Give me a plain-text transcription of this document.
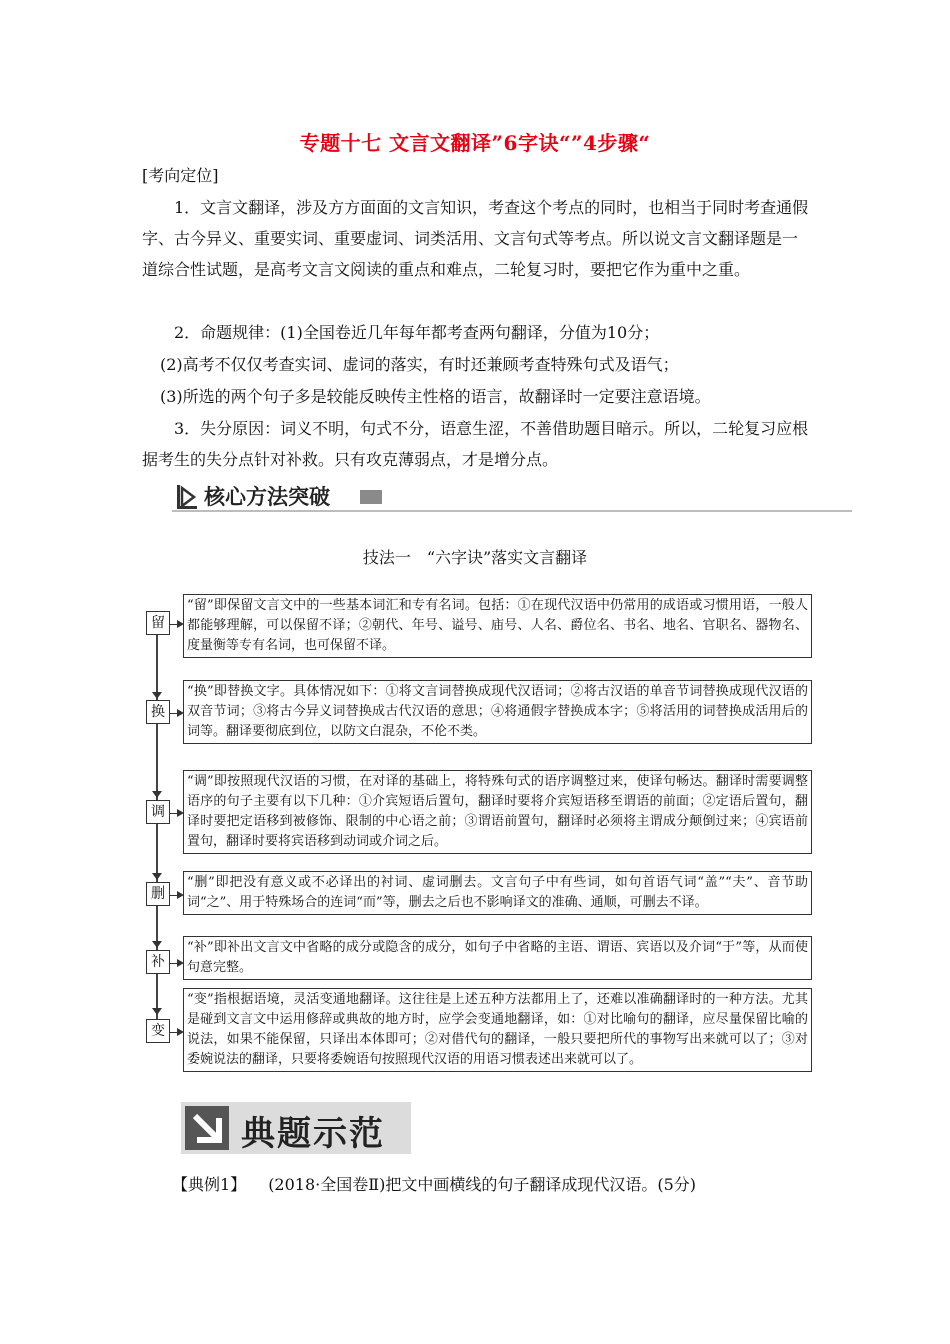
专题十七 文言文翻译”6字诀“”4步骤“
[考向定位]
1．文言文翻译，涉及方方面面的文言知识，考查这个考点的同时，也相当于同时考查通假字、古今异义、重要实词、重要虚词、词类活用、文言句式等考点。所以说文言文翻译题是一道综合性试题，是高考文言文阅读的重点和难点，二轮复习时，要把它作为重中之重。
2．命题规律：(1)全国卷近几年每年都考查两句翻译，分值为10分；
(2)高考不仅仅考查实词、虚词的落实，有时还兼顾考查特殊句式及语气；
(3)所选的两个句子多是较能反映传主性格的语言，故翻译时一定要注意语境。
3．失分原因：词义不明，句式不分，语意生涩，不善借助题目暗示。所以，二轮复习应根据考生的失分点针对补救。只有攻克薄弱点，才是增分点。
核心方法突破
技法一　“六字诀”落实文言翻译
“留”即保留文言文中的一些基本词汇和专有名词。包括：①在现代汉语中仍常用的成语或习惯用语，一般人都能够理解，可以保留不译；②朝代、年号、谥号、庙号、人名、爵位名、书名、地名、官职名、器物名、度量衡等专有名词，也可保留不译。
留
“换”即替换文字。具体情况如下：①将文言词替换成现代汉语词；②将古汉语的单音节词替换成现代汉语的双音节词；③将古今异义词替换成古代汉语的意思；④将通假字替换成本字；⑤将活用的词替换成活用后的词等。翻译要彻底到位，以防文白混杂，不伦不类。
换
“调”即按照现代汉语的习惯，在对译的基础上，将特殊句式的语序调整过来，使译句畅达。翻译时需要调整语序的句子主要有以下几种：①介宾短语后置句，翻译时要将介宾短语移至谓语的前面；②定语后置句，翻译时要把定语移到被修饰、限制的中心语之前；③谓语前置句，翻译时必须将主谓成分颠倒过来；④宾语前置句，翻译时要将宾语移到动词或介词之后。
调
“删”即把没有意义或不必译出的衬词、虚词删去。文言句子中有些词，如句首语气词“盖”“夫”、音节助词“之”、用于特殊场合的连词“而”等，删去之后也不影响译文的准确、通顺，可删去不译。
删
“补”即补出文言文中省略的成分或隐含的成分，如句子中省略的主语、谓语、宾语以及介词“于”等，从而使句意完整。
补
“变”指根据语境，灵活变通地翻译。这往往是上述五种方法都用上了，还难以准确翻译时的一种方法。尤其是碰到文言文中运用修辞或典故的地方时，应学会变通地翻译，如：①对比喻句的翻译，应尽量保留比喻的说法，如果不能保留，只译出本体即可；②对借代句的翻译，一般只要把所代的事物写出来就可以了；③对委婉说法的翻译，只要将委婉语句按照现代汉语的用语习惯表述出来就可以了。
变
典题示范
【典例1】 (2018·全国卷Ⅱ)把文中画横线的句子翻译成现代汉语。(5分)
